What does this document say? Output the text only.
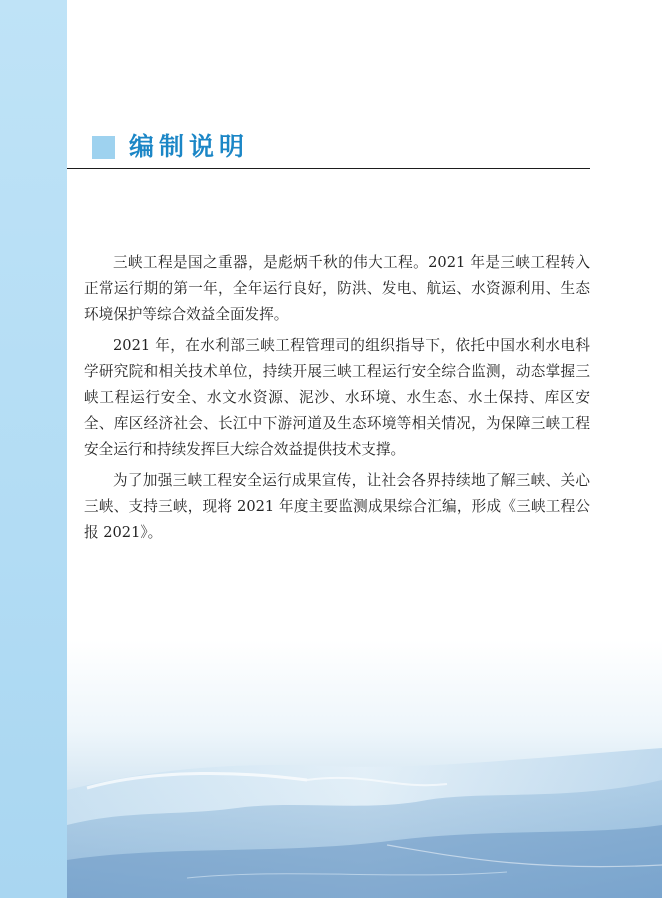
编制说明

三峡工程是国之重器，是彪炳千秋的伟大工程。2021 年是三峡工程转入正常运行期的第一年，全年运行良好，防洪、发电、航运、水资源利用、生态环境保护等综合效益全面发挥。

2021 年，在水利部三峡工程管理司的组织指导下，依托中国水利水电科学研究院和相关技术单位，持续开展三峡工程运行安全综合监测，动态掌握三峡工程运行安全、水文水资源、泥沙、水环境、水生态、水土保持、库区安全、库区经济社会、长江中下游河道及生态环境等相关情况，为保障三峡工程安全运行和持续发挥巨大综合效益提供技术支撑。

为了加强三峡工程安全运行成果宣传，让社会各界持续地了解三峡、关心三峡、支持三峡，现将 2021 年度主要监测成果综合汇编，形成《三峡工程公报 2021》。
